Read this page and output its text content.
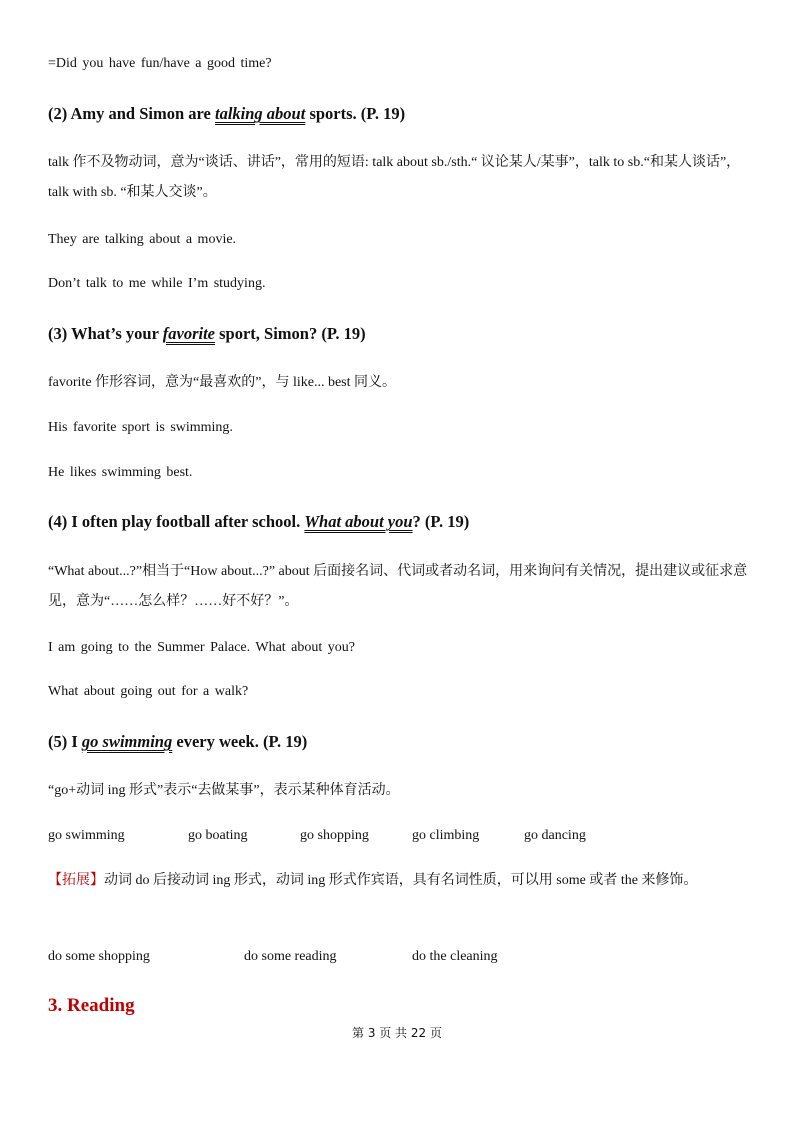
=Did you have fun/have a good time?
(2) Amy and Simon are talking about sports. (P. 19)
talk 作不及物动词，意为“谈话、讲话”，常用的短语: talk about sb./sth.“ 议论某人/某事”，talk to sb.“和某人谈话”，talk with sb. “和某人交谈”。
They are talking about a movie.
Don’t talk to me while I’m studying.
(3) What’s your favorite sport, Simon? (P. 19)
favorite 作形容词，意为“最喜欢的”，与 like... best 同义。
His favorite sport is swimming.
He likes swimming best.
(4) I often play football after school. What about you? (P. 19)
“What about...?”相当于“How about...?” about 后面接名词、代词或者动名词，用来询问有关情况，提出建议或征求意见，意为“……怎么样？……好不好？”。
I am going to the Summer Palace. What about you?
What about going out for a walk?
(5) I go swimming every week. (P. 19)
“go+动词 ing 形式”表示“去做某事”，表示某种体育活动。
go swimming	go boating	go shopping	go climbing	go dancing
【拓展】动词 do 后接动词 ing 形式，动词 ing 形式作宾语，具有名词性质，可以用 some 或者 the 来修饰。
do some shopping	do some reading	do the cleaning
3. Reading
第 3 页 共 22 页
